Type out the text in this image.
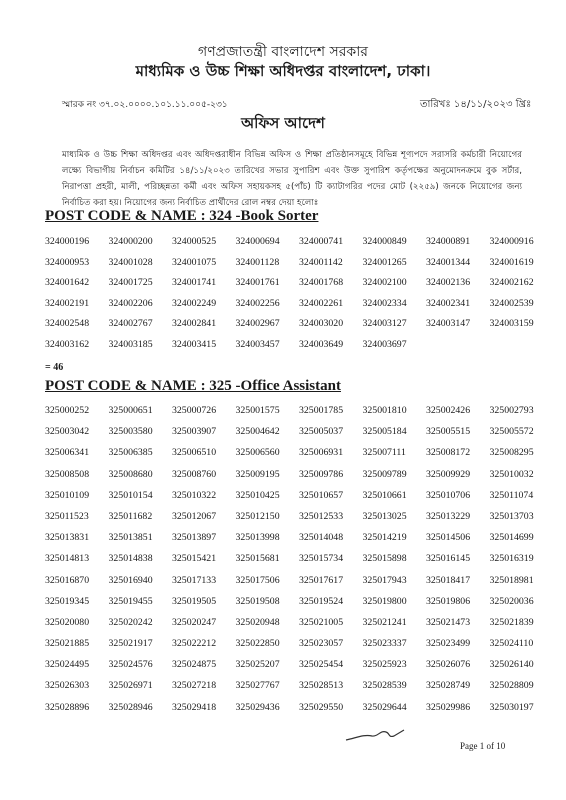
গণপ্রজাতন্ত্রী বাংলাদেশ সরকার
মাধ্যমিক ও উচ্চ শিক্ষা অধিদপ্তর বাংলাদেশ, ঢাকা।
স্মারক নং ৩৭.০২.০০০০.১০১.১১.০০৫-২৩১	তারিখঃ ১৪/১১/২০২৩ খ্রিঃ
অফিস আদেশ
মাধ্যমিক ও উচ্চ শিক্ষা অধিদপ্তর এবং অধিদপ্তরাধীন বিভিন্ন অফিস ও শিক্ষা প্রতিষ্ঠানসমূহে বিভিন্ন শূণ্যপদে সরাসরি কর্মচারী নিয়োগের লক্ষ্যে বিভাগীয় নির্বাচন কমিটির ১৪/১১/২০২৩ তারিখের সভার সুপারিশ এবং উক্ত সুপারিশ কর্তৃপক্ষের অনুমোদনক্রমে বুক সর্টার, নিরাপত্তা প্রহরী, মালী, পরিচ্ছন্নতা কর্মী এবং অফিস সহায়কসহ ৫(পাঁচ) টি ক্যাটাগরির পদের মোট (২২৫৯) জনকে নিয়োগের জন্য নির্বাচিত করা হয়। নিয়োগের জন্য নির্বাচিত প্রার্থীদের রোল নম্বর দেয়া হলোঃ
POST CODE & NAME : 324 -Book Sorter
324000196	324000200	324000525	324000694	324000741	324000849	324000891	324000916
324000953	324001028	324001075	324001128	324001142	324001265	324001344	324001619
324001642	324001725	324001741	324001761	324001768	324002100	324002136	324002162
324002191	324002206	324002249	324002256	324002261	324002334	324002341	324002539
324002548	324002767	324002841	324002967	324003020	324003127	324003147	324003159
324003162	324003185	324003415	324003457	324003649	324003697
= 46
POST CODE & NAME : 325 -Office Assistant
325000252	325000651	325000726	325001575	325001785	325001810	325002426	325002793
325003042	325003580	325003907	325004642	325005037	325005184	325005515	325005572
325006341	325006385	325006510	325006560	325006931	325007111	325008172	325008295
325008508	325008680	325008760	325009195	325009786	325009789	325009929	325010032
325010109	325010154	325010322	325010425	325010657	325010661	325010706	325011074
325011523	325011682	325012067	325012150	325012533	325013025	325013229	325013703
325013831	325013851	325013897	325013998	325014048	325014219	325014506	325014699
325014813	325014838	325015421	325015681	325015734	325015898	325016145	325016319
325016870	325016940	325017133	325017506	325017617	325017943	325018417	325018981
325019345	325019455	325019505	325019508	325019524	325019800	325019806	325020036
325020080	325020242	325020247	325020948	325021005	325021241	325021473	325021839
325021885	325021917	325022212	325022850	325023057	325023337	325023499	325024110
325024495	325024576	325024875	325025207	325025454	325025923	325026076	325026140
325026303	325026971	325027218	325027767	325028513	325028539	325028749	325028809
325028896	325028946	325029418	325029436	325029550	325029644	325029986	325030197
Page 1 of 10
